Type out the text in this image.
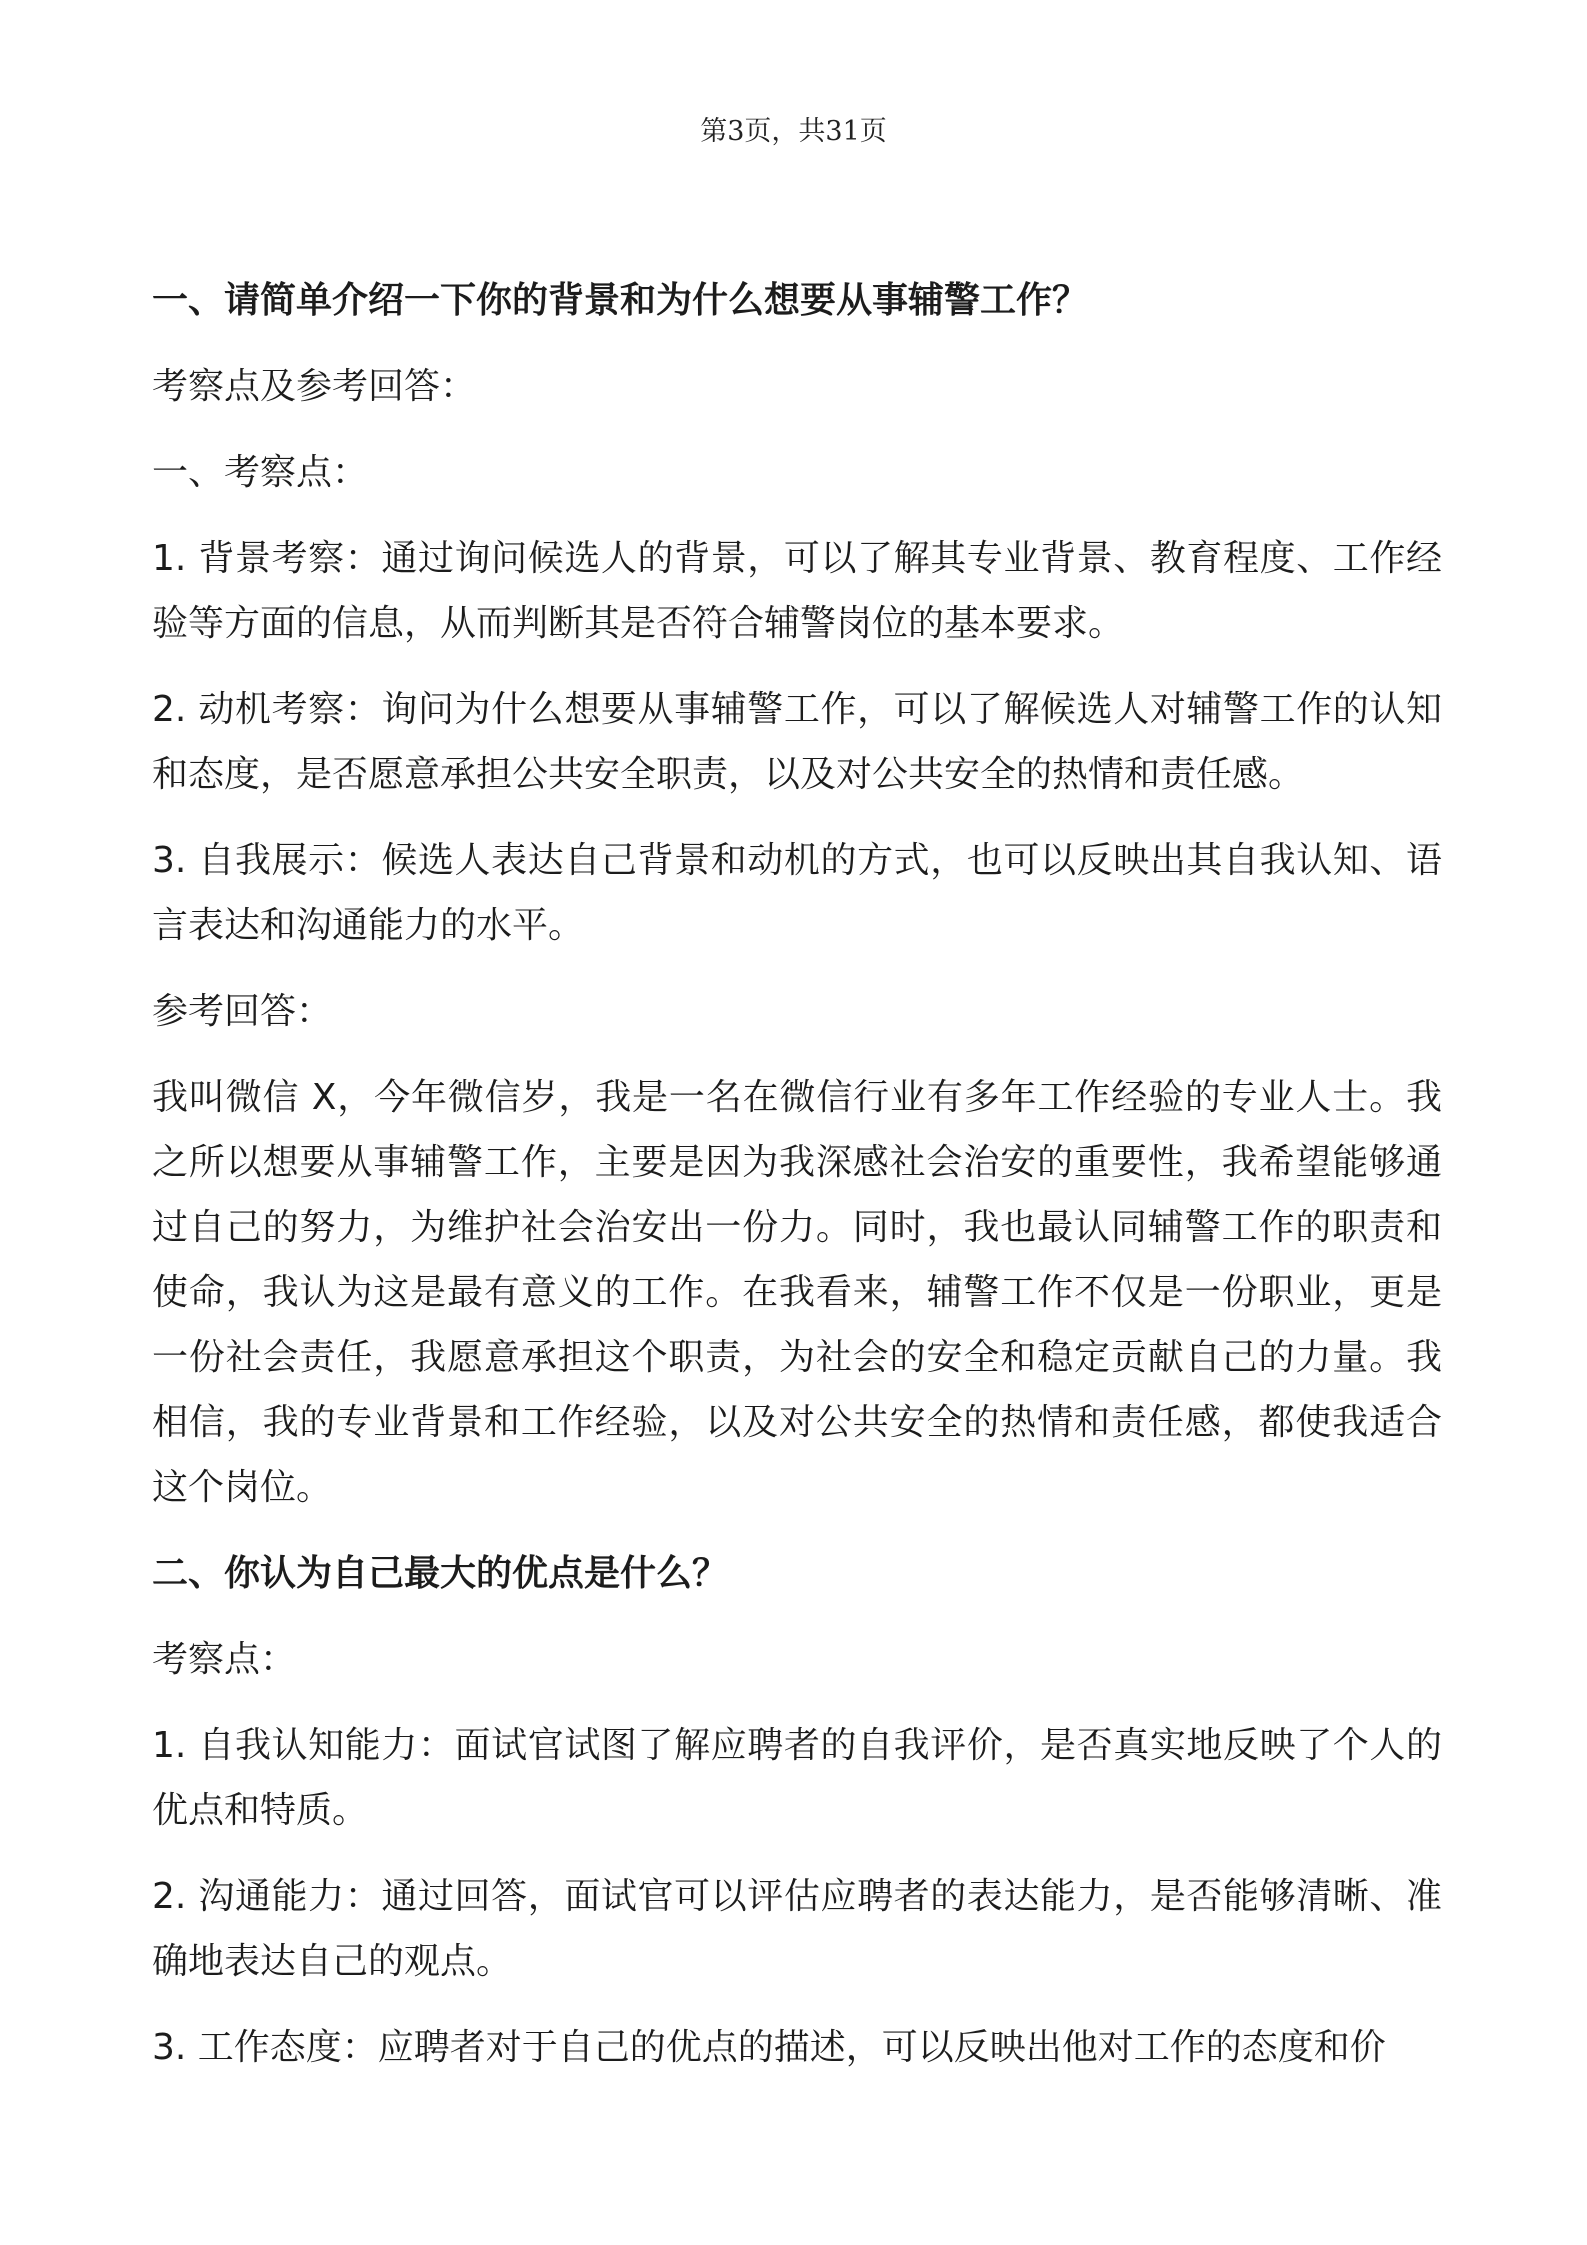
第3页，共31页
一、请简单介绍一下你的背景和为什么想要从事辅警工作？
考察点及参考回答：
一、考察点：
1. 背景考察：通过询问候选人的背景，可以了解其专业背景、教育程度、工作经验等方面的信息，从而判断其是否符合辅警岗位的基本要求。
2. 动机考察：询问为什么想要从事辅警工作，可以了解候选人对辅警工作的认知和态度，是否愿意承担公共安全职责，以及对公共安全的热情和责任感。
3. 自我展示：候选人表达自己背景和动机的方式，也可以反映出其自我认知、语言表达和沟通能力的水平。
参考回答：
我叫微信 X，今年微信岁，我是一名在微信行业有多年工作经验的专业人士。我之所以想要从事辅警工作，主要是因为我深感社会治安的重要性，我希望能够通过自己的努力，为维护社会治安出一份力。同时，我也最认同辅警工作的职责和使命，我认为这是最有意义的工作。在我看来，辅警工作不仅是一份职业，更是一份社会责任，我愿意承担这个职责，为社会的安全和稳定贡献自己的力量。我相信，我的专业背景和工作经验，以及对公共安全的热情和责任感，都使我适合这个岗位。
二、你认为自己最大的优点是什么？
考察点：
1. 自我认知能力：面试官试图了解应聘者的自我评价，是否真实地反映了个人的优点和特质。
2. 沟通能力：通过回答，面试官可以评估应聘者的表达能力，是否能够清晰、准确地表达自己的观点。
3. 工作态度：应聘者对于自己的优点的描述，可以反映出他对工作的态度和价
